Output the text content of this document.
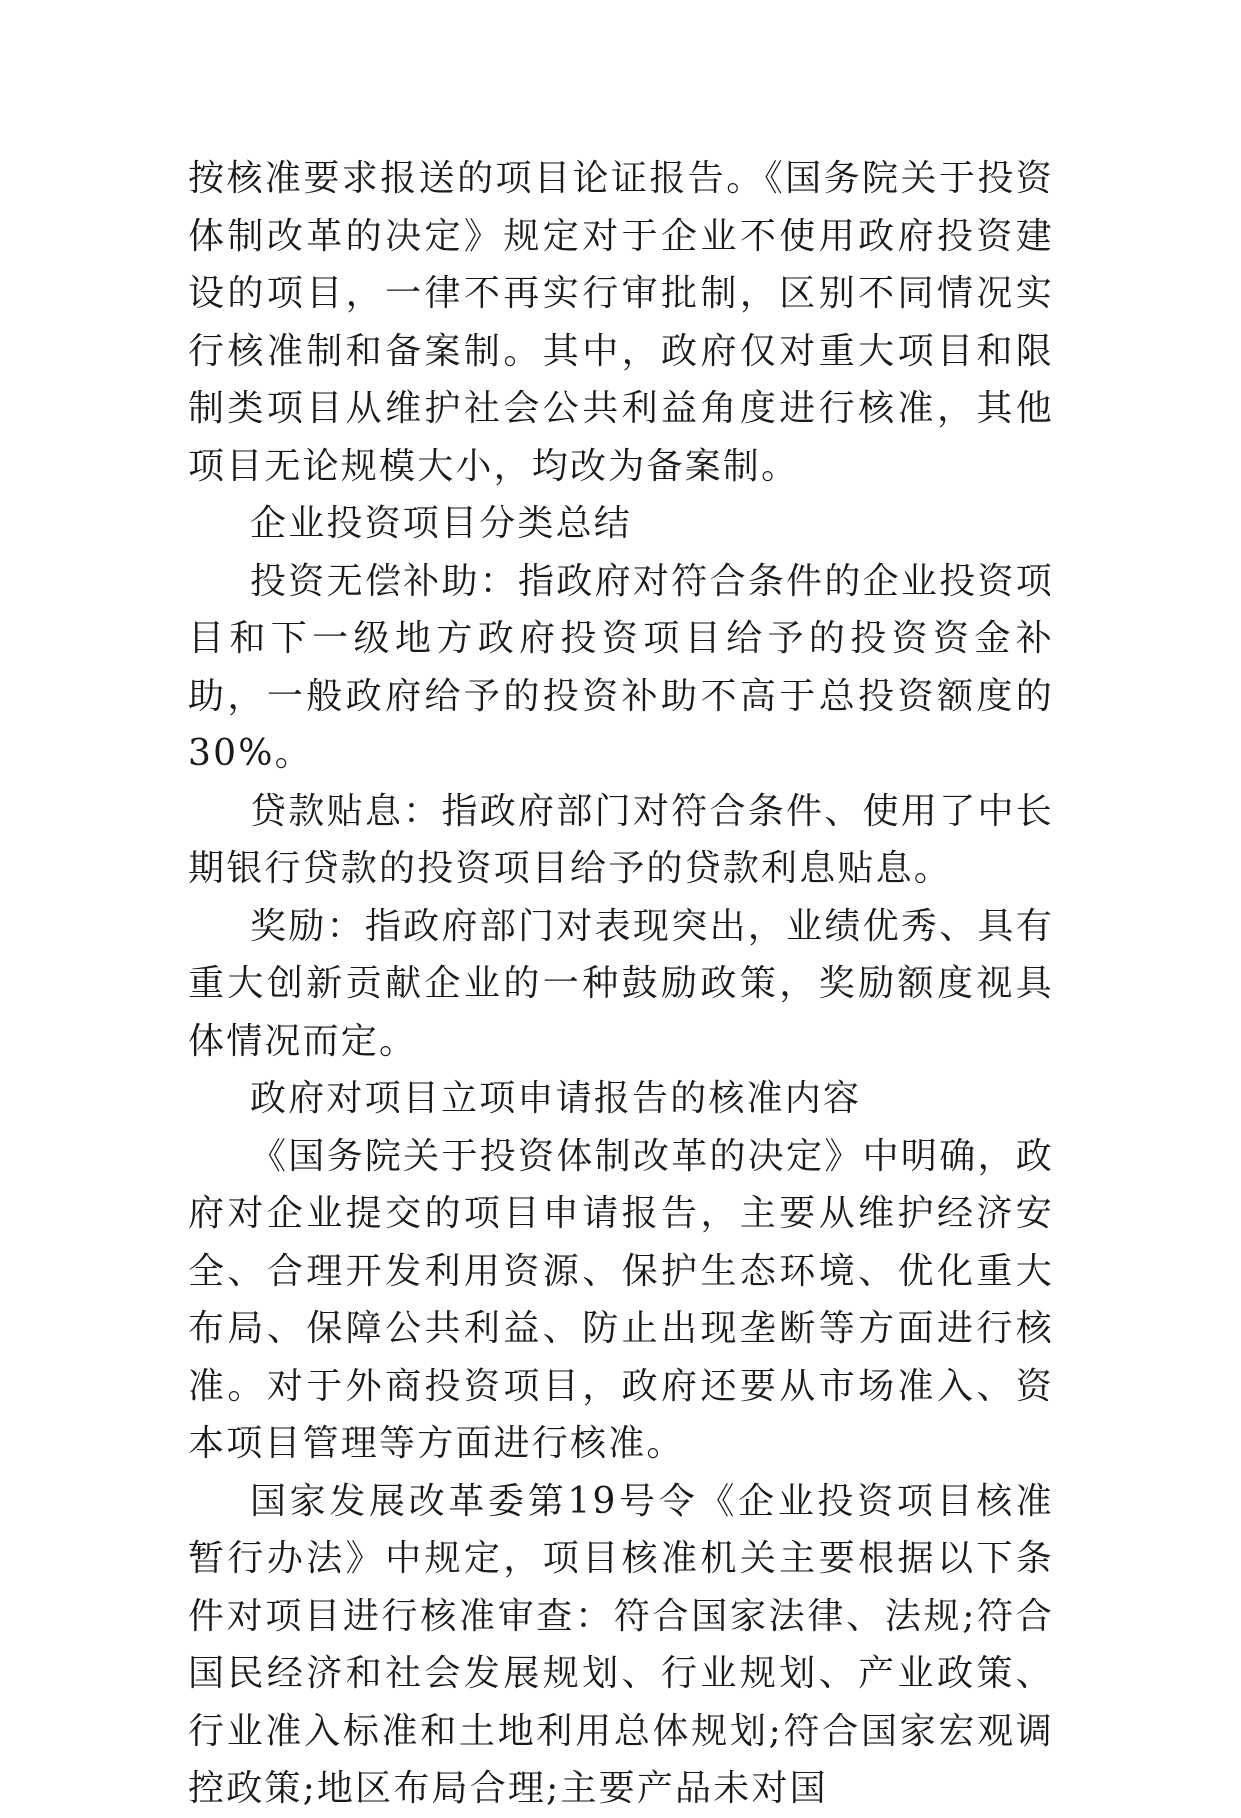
按核准要求报送的项目论证报告。《国务院关于投资体制改革的决定》规定对于企业不使用政府投资建设的项目，一律不再实行审批制，区别不同情况实行核准制和备案制。其中，政府仅对重大项目和限制类项目从维护社会公共利益角度进行核准，其他项目无论规模大小，均改为备案制。

企业投资项目分类总结

投资无偿补助：指政府对符合条件的企业投资项目和下一级地方政府投资项目给予的投资资金补助，一般政府给予的投资补助不高于总投资额度的30%。

贷款贴息：指政府部门对符合条件、使用了中长期银行贷款的投资项目给予的贷款利息贴息。

奖励：指政府部门对表现突出，业绩优秀、具有重大创新贡献企业的一种鼓励政策，奖励额度视具体情况而定。

政府对项目立项申请报告的核准内容

《国务院关于投资体制改革的决定》中明确，政府对企业提交的项目申请报告，主要从维护经济安全、合理开发利用资源、保护生态环境、优化重大布局、保障公共利益、防止出现垄断等方面进行核准。对于外商投资项目，政府还要从市场准入、资本项目管理等方面进行核准。

国家发展改革委第19号令《企业投资项目核准暂行办法》中规定，项目核准机关主要根据以下条件对项目进行核准审查：符合国家法律、法规;符合国民经济和社会发展规划、行业规划、产业政策、行业准入标准和土地利用总体规划;符合国家宏观调控政策;地区布局合理;主要产品未对国
